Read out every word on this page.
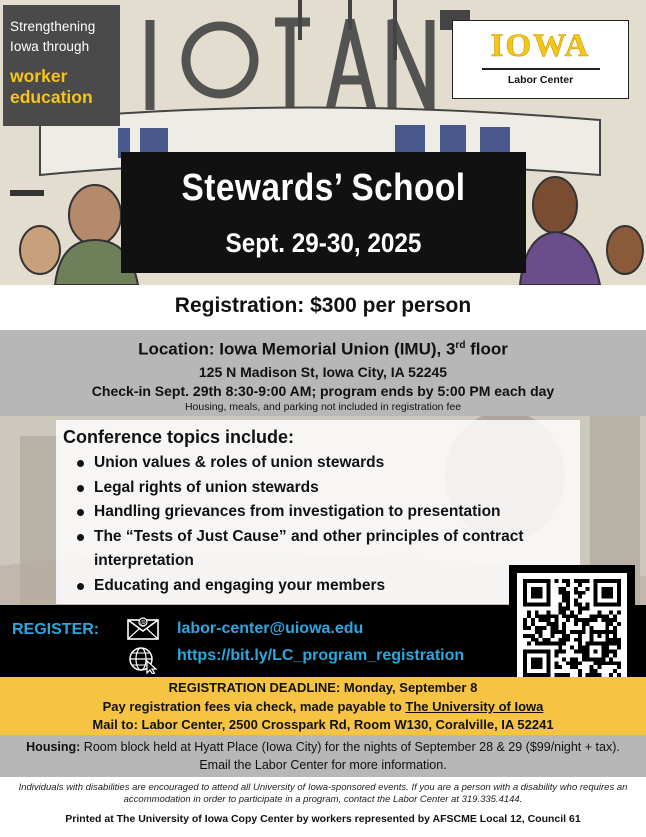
Strengthening
Iowa through
worker
education
IOWA
Labor Center
Stewards’ School
Sept. 29-30, 2025
Registration: $300 per person
Location: Iowa Memorial Union (IMU), 3rd floor
125 N Madison St, Iowa City, IA 52245
Check-in Sept. 29th 8:30-9:00 AM; program ends by 5:00 PM each day
Housing, meals, and parking not included in registration fee
Conference topics include:
Union values & roles of union stewards
Legal rights of union stewards
Handling grievances from investigation to presentation
The “Tests of Just Cause” and other principles of contract interpretation
Educating and engaging your members
REGISTER:	@ labor-center@uiowa.edu
https://bit.ly/LC_program_registration
REGISTRATION DEADLINE: Monday, September 8
Pay registration fees via check, made payable to The University of Iowa
Mail to: Labor Center, 2500 Crosspark Rd, Room W130, Coralville, IA 52241
Housing: Room block held at Hyatt Place (Iowa City) for the nights of September 28 & 29 ($99/night + tax).
Email the Labor Center for more information.
Individuals with disabilities are encouraged to attend all University of Iowa-sponsored events. If you are a person with a disability who requires an accommodation in order to participate in a program, contact the Labor Center at 319.335.4144.
Printed at The University of Iowa Copy Center by workers represented by AFSCME Local 12, Council 61
